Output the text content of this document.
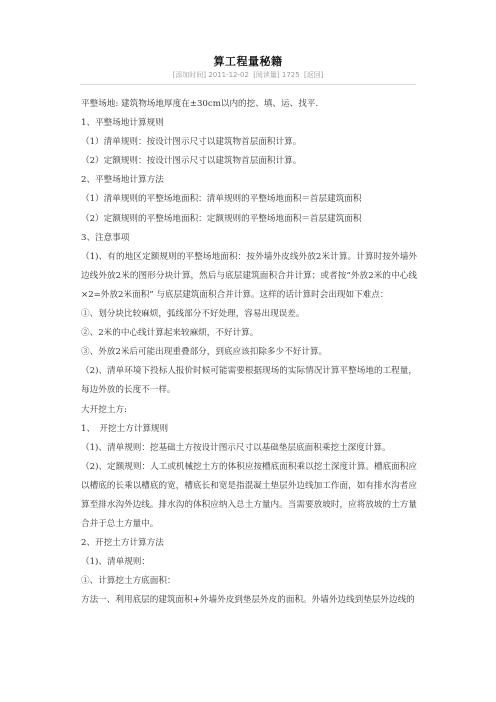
算工程量秘籍
[添加时间] 2011-12-02 [阅读量] 1725 [返回]

平整场地: 建筑物场地厚度在±30cm以内的挖、填、运、找平.

1、平整场地计算规则

（1）清单规则：按设计图示尺寸以建筑物首层面积计算。

（2）定额规则：按设计图示尺寸以建筑物首层面积计算。

2、平整场地计算方法

（1）清单规则的平整场地面积：清单规则的平整场地面积＝首层建筑面积

（2）定额规则的平整场地面积：定额规则的平整场地面积＝首层建筑面积

3、注意事项

（1)、有的地区定额规则的平整场地面积：按外墙外皮线外放2米计算。计算时按外墙外边线外放2米的图形分块计算，然后与底层建筑面积合并计算；或者按“外放2米的中心线×2=外放2米面积” 与底层建筑面积合并计算。这样的话计算时会出现如下难点：

①、划分块比较麻烦，弧线部分不好处理，容易出现误差。

②、2米的中心线计算起来较麻烦，不好计算。

③、外放2米后可能出现重叠部分，到底应该扣除多少不好计算。

（2)、清单环境下投标人报价时候可能需要根据现场的实际情况计算平整场地的工程量，每边外放的长度不一样。

大开挖土方:

1、　开挖土方计算规则

（1)、清单规则：挖基础土方按设计图示尺寸以基础垫层底面积乘挖土深度计算。

（2)、定额规则：人工或机械挖土方的体积应按槽底面积乘以挖土深度计算。槽底面积应以槽底的长乘以槽底的宽，槽底长和宽是指混凝土垫层外边线加工作面，如有排水沟者应算至排水沟外边线。排水沟的体积应纳入总土方量内。当需要放坡时，应将放坡的土方量合并于总土方量中。

2、开挖土方计算方法

（1)、清单规则：

①、计算挖土方底面积：

方法一、利用底层的建筑面积+外墙外皮到垫层外皮的面积。外墙外边线到垫层外边线的
